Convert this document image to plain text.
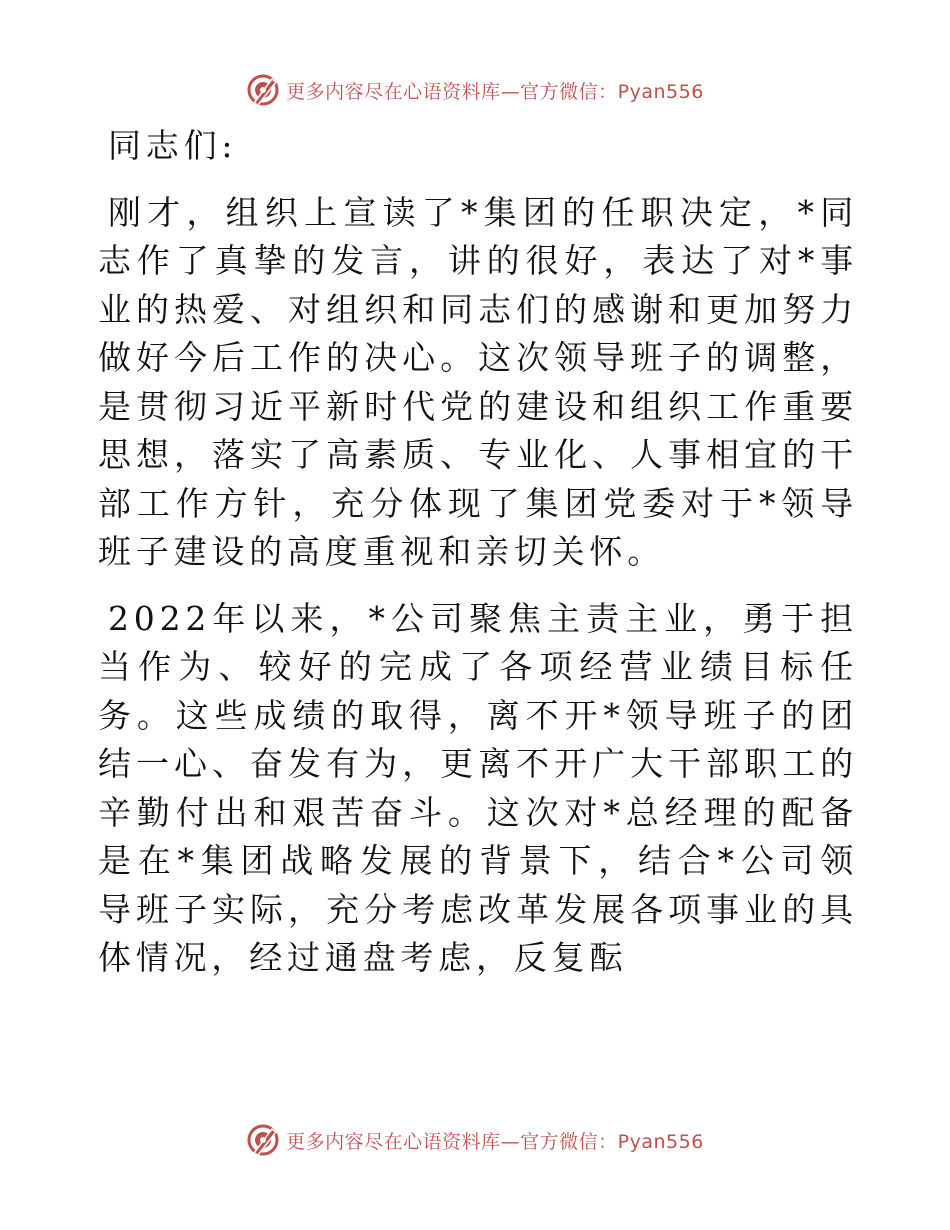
更多内容尽在心语资料库—官方微信：Pyan556

同志们:

刚才，组织上宣读了*集团的任职决定，*同志作了真挚的发言，讲的很好，表达了对*事业的热爱、对组织和同志们的感谢和更加努力做好今后工作的决心。这次领导班子的调整，是贯彻习近平新时代党的建设和组织工作重要思想，落实了高素质、专业化、人事相宜的干部工作方针，充分体现了集团党委对于*领导班子建设的高度重视和亲切关怀。

2022年以来，*公司聚焦主责主业，勇于担当作为、较好的完成了各项经营业绩目标任务。这些成绩的取得，离不开*领导班子的团结一心、奋发有为，更离不开广大干部职工的辛勤付出和艰苦奋斗。这次对*总经理的配备是在*集团战略发展的背景下，结合*公司领导班子实际，充分考虑改革发展各项事业的具体情况，经过通盘考虑，反复酝

更多内容尽在心语资料库—官方微信：Pyan556
